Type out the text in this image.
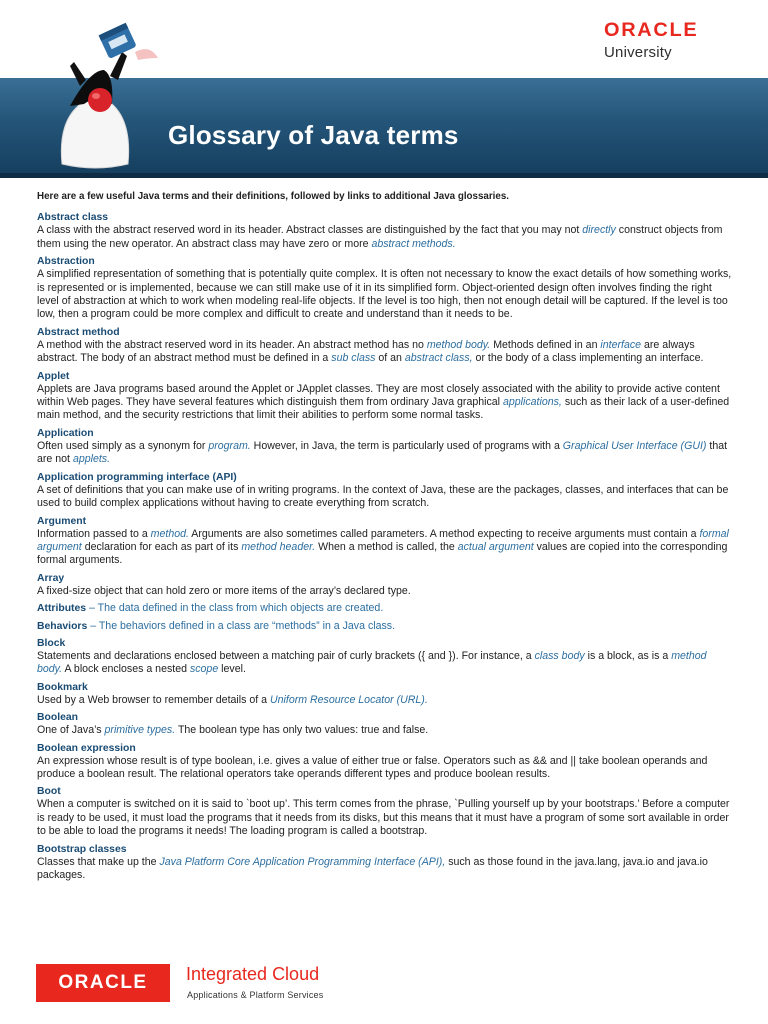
ORACLE
University
Glossary of Java terms
Here are a few useful Java terms and their definitions, followed by links to additional Java glossaries.
Abstract class
A class with the abstract reserved word in its header. Abstract classes are distinguished by the fact that you may not directly construct objects from them using the new operator. An abstract class may have zero or more abstract methods.
Abstraction
A simplified representation of something that is potentially quite complex. It is often not necessary to know the exact details of how something works, is represented or is implemented, because we can still make use of it in its simplified form. Object-oriented design often involves finding the right level of abstraction at which to work when modeling real-life objects. If the level is too high, then not enough detail will be captured. If the level is too low, then a program could be more complex and difficult to create and understand than it needs to be.
Abstract method
A method with the abstract reserved word in its header. An abstract method has no method body. Methods defined in an interface are always abstract. The body of an abstract method must be defined in a sub class of an abstract class, or the body of a class implementing an interface.
Applet
Applets are Java programs based around the Applet or JApplet classes. They are most closely associated with the ability to provide active content within Web pages. They have several features which distinguish them from ordinary Java graphical applications, such as their lack of a user-defined main method, and the security restrictions that limit their abilities to perform some normal tasks.
Application
Often used simply as a synonym for program. However, in Java, the term is particularly used of programs with a Graphical User Interface (GUI) that are not applets.
Application programming interface (API)
A set of definitions that you can make use of in writing programs. In the context of Java, these are the packages, classes, and interfaces that can be used to build complex applications without having to create everything from scratch.
Argument
Information passed to a method. Arguments are also sometimes called parameters. A method expecting to receive arguments must contain a formal argument declaration for each as part of its method header. When a method is called, the actual argument values are copied into the corresponding formal arguments.
Array
A fixed-size object that can hold zero or more items of the array’s declared type.
Attributes – The data defined in the class from which objects are created.
Behaviors – The behaviors defined in a class are “methods” in a Java class.
Block
Statements and declarations enclosed between a matching pair of curly brackets ({ and }). For instance, a class body is a block, as is a method body. A block encloses a nested scope level.
Bookmark
Used by a Web browser to remember details of a Uniform Resource Locator (URL).
Boolean
One of Java’s primitive types. The boolean type has only two values: true and false.
Boolean expression
An expression whose result is of type boolean, i.e. gives a value of either true or false. Operators such as && and || take boolean operands and produce a boolean result. The relational operators take operands different types and produce boolean results.
Boot
When a computer is switched on it is said to `boot up’. This term comes from the phrase, `Pulling yourself up by your bootstraps.’ Before a computer is ready to be used, it must load the programs that it needs from its disks, but this means that it must have a program of some sort available in order to be able to load the programs it needs! The loading program is called a bootstrap.
Bootstrap classes
Classes that make up the Java Platform Core Application Programming Interface (API), such as those found in the java.lang, java.io and java.io packages.
ORACLE Integrated Cloud
Applications & Platform Services
